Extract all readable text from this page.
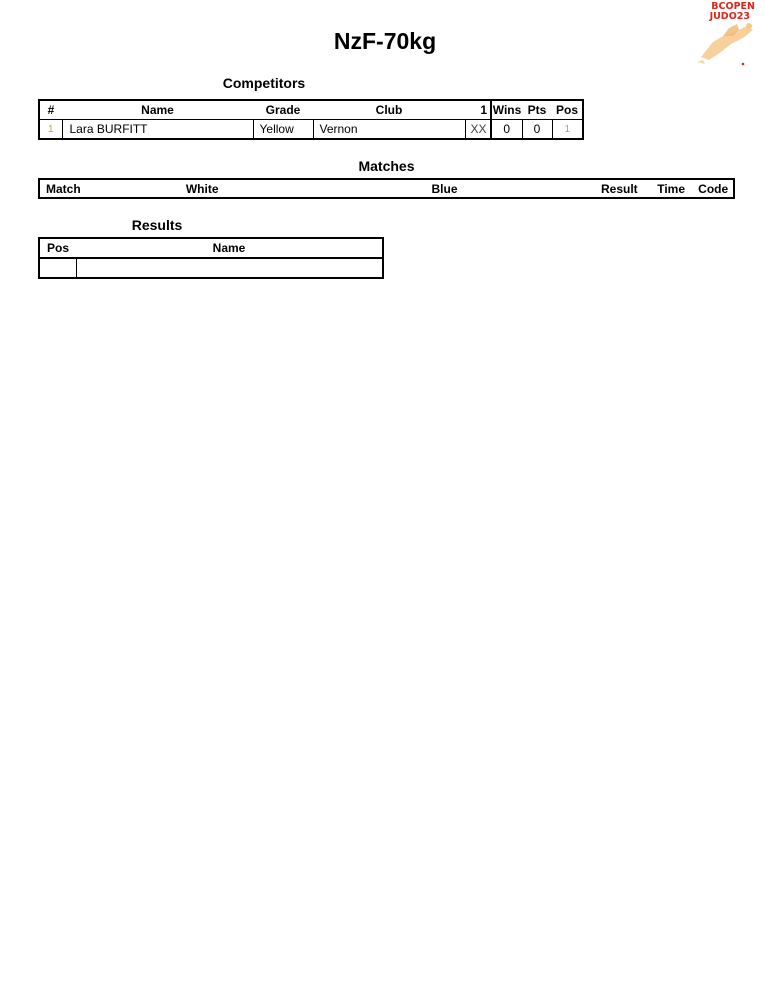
NzF-70kg
BCOPEN
JUDO23
Competitors
#	Name	Grade	Club	1	Wins	Pts	Pos
1	Lara BURFITT	Yellow	Vernon	XX	0	0	1
Matches
Match	White	Blue	Result	Time	Code
Results
Pos	Name
